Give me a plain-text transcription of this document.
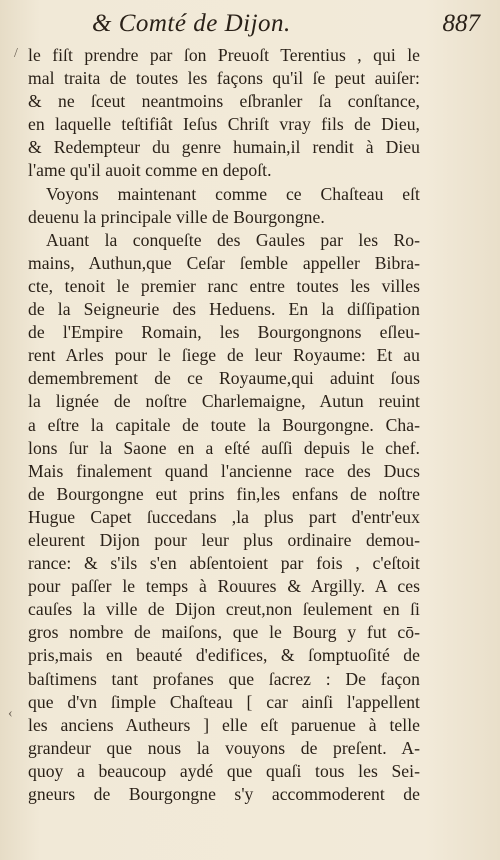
& Comté de Dijon.	887
/
‹
le fiſt prendre par ſon Preuoſt Terentius , qui le
mal traita de toutes les façons qu'il ſe peut auiſer:
& ne ſceut neantmoins eſbranler ſa conſtance,
en laquelle teſtifiât Ieſus Chriſt vray fils de Dieu,
& Redempteur du genre humain,il rendit à Dieu
l'ame qu'il auoit comme en depoſt.
Voyons maintenant comme ce Chaſteau eſt
deuenu la principale ville de Bourgongne.
Auant la conqueſte des Gaules par les Ro-
mains, Authun,que Ceſar ſemble appeller Bibra-
cte, tenoit le premier ranc entre toutes les villes
de la Seigneurie des Heduens. En la diſſipation
de l'Empire Romain, les Bourgongnons eſleu-
rent Arles pour le ſiege de leur Royaume: Et au
demembrement de ce Royaume,qui aduint ſous
la lignée de noſtre Charlemaigne, Autun reuint
a eſtre la capitale de toute la Bourgongne. Cha-
lons ſur la Saone en a eſté auſſi depuis le chef.
Mais finalement quand l'ancienne race des Ducs
de Bourgongne eut prins fin,les enfans de noſtre
Hugue Capet ſuccedans ,la plus part d'entr'eux
eleurent Dijon pour leur plus ordinaire demou-
rance: & s'ils s'en abſentoient par fois , c'eſtoit
pour paſſer le temps à Rouures & Argilly. A ces
cauſes la ville de Dijon creut,non ſeulement en ſi
gros nombre de maiſons, que le Bourg y fut cō-
pris,mais en beauté d'edifices, & ſomptuoſité de
baſtimens tant profanes que ſacrez : De façon
que d'vn ſimple Chaſteau [ car ainſi l'appellent
les anciens Autheurs ] elle eſt paruenue à telle
grandeur que nous la vouyons de preſent. A-
quoy a beaucoup aydé que quaſi tous les Sei-
gneurs de Bourgongne s'y accommoderent de
